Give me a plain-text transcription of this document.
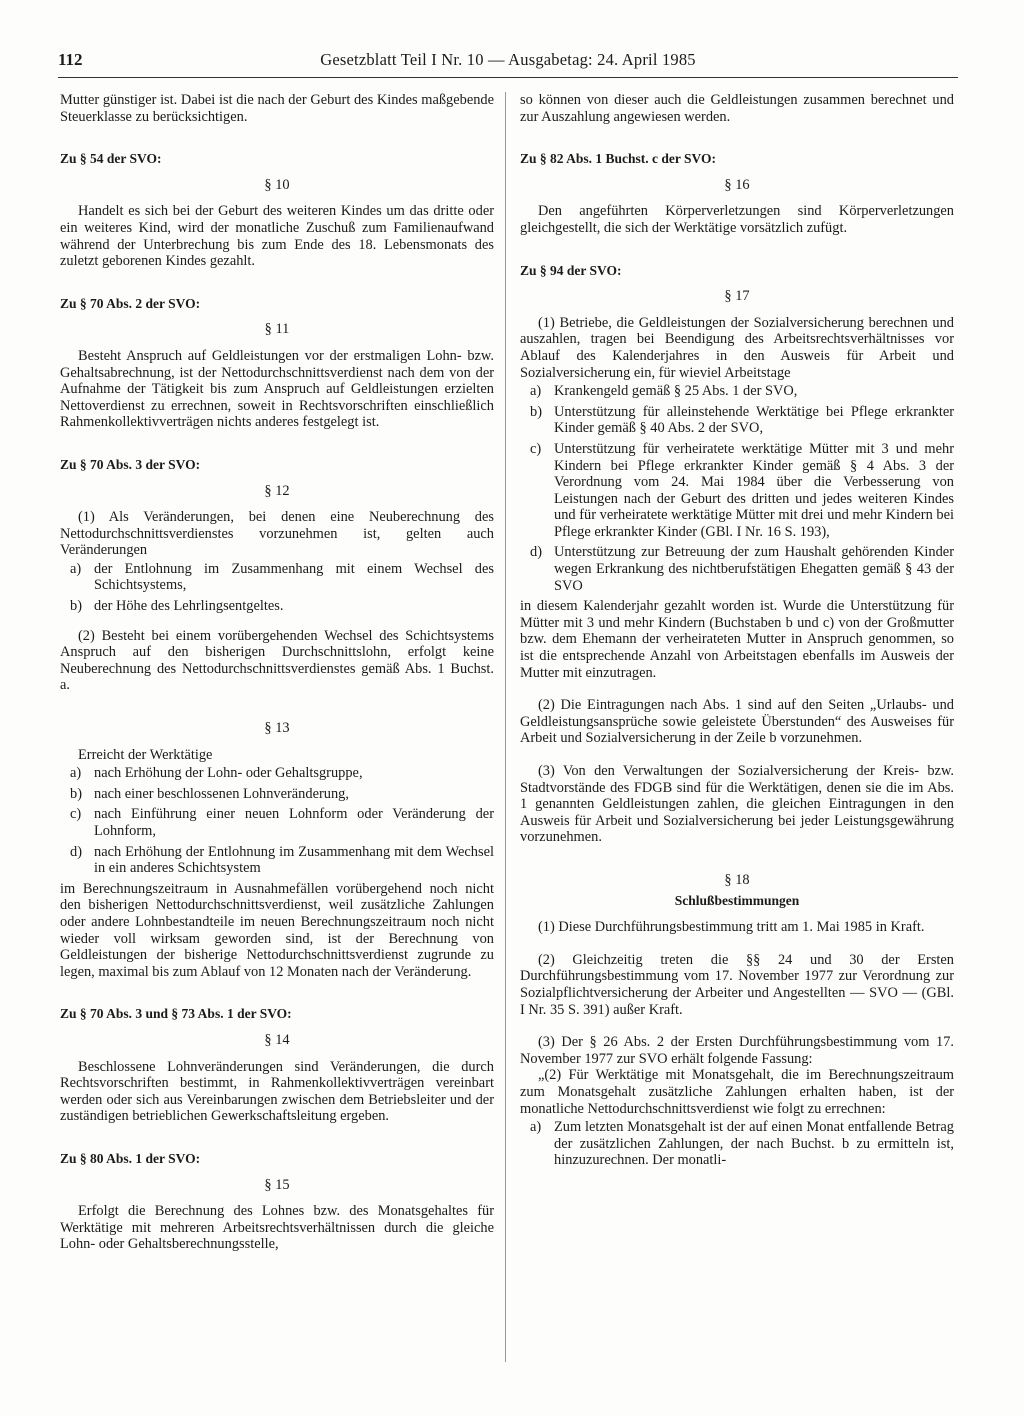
112	Gesetzblatt Teil I Nr. 10 — Ausgabetag: 24. April 1985

Mutter günstiger ist. Dabei ist die nach der Geburt des Kindes maßgebende Steuerklasse zu berücksichtigen.

Zu § 54 der SVO:

§ 10

Handelt es sich bei der Geburt des weiteren Kindes um das dritte oder ein weiteres Kind, wird der monatliche Zuschuß zum Familienaufwand während der Unterbrechung bis zum Ende des 18. Lebensmonats des zuletzt geborenen Kindes gezahlt.

Zu § 70 Abs. 2 der SVO:

§ 11

Besteht Anspruch auf Geldleistungen vor der erstmaligen Lohn- bzw. Gehaltsabrechnung, ist der Nettodurchschnittsverdienst nach dem von der Aufnahme der Tätigkeit bis zum Anspruch auf Geldleistungen erzielten Nettoverdienst zu errechnen, soweit in Rechtsvorschriften einschließlich Rahmenkollektivverträgen nichts anderes festgelegt ist.

Zu § 70 Abs. 3 der SVO:

§ 12

(1) Als Veränderungen, bei denen eine Neuberechnung des Nettodurchschnittsverdienstes vorzunehmen ist, gelten auch Veränderungen

a) der Entlohnung im Zusammenhang mit einem Wechsel des Schichtsystems,
b) der Höhe des Lehrlingsentgeltes.

(2) Besteht bei einem vorübergehenden Wechsel des Schichtsystems Anspruch auf den bisherigen Durchschnittslohn, erfolgt keine Neuberechnung des Nettodurchschnittsverdienstes gemäß Abs. 1 Buchst. a.

§ 13

Erreicht der Werktätige

a) nach Erhöhung der Lohn- oder Gehaltsgruppe,
b) nach einer beschlossenen Lohnveränderung,
c) nach Einführung einer neuen Lohnform oder Veränderung der Lohnform,
d) nach Erhöhung der Entlohnung im Zusammenhang mit dem Wechsel in ein anderes Schichtsystem

im Berechnungszeitraum in Ausnahmefällen vorübergehend noch nicht den bisherigen Nettodurchschnittsverdienst, weil zusätzliche Zahlungen oder andere Lohnbestandteile im neuen Berechnungszeitraum noch nicht wieder voll wirksam geworden sind, ist der Berechnung von Geldleistungen der bisherige Nettodurchschnittsverdienst zugrunde zu legen, maximal bis zum Ablauf von 12 Monaten nach der Veränderung.

Zu § 70 Abs. 3 und § 73 Abs. 1 der SVO:

§ 14

Beschlossene Lohnveränderungen sind Veränderungen, die durch Rechtsvorschriften bestimmt, in Rahmenkollektivverträgen vereinbart werden oder sich aus Vereinbarungen zwischen dem Betriebsleiter und der zuständigen betrieblichen Gewerkschaftsleitung ergeben.

Zu § 80 Abs. 1 der SVO:

§ 15

Erfolgt die Berechnung des Lohnes bzw. des Monatsgehaltes für Werktätige mit mehreren Arbeitsrechtsverhältnissen durch die gleiche Lohn- oder Gehaltsberechnungsstelle,

so können von dieser auch die Geldleistungen zusammen berechnet und zur Auszahlung angewiesen werden.

Zu § 82 Abs. 1 Buchst. c der SVO:

§ 16

Den angeführten Körperverletzungen sind Körperverletzungen gleichgestellt, die sich der Werktätige vorsätzlich zufügt.

Zu § 94 der SVO:

§ 17

(1) Betriebe, die Geldleistungen der Sozialversicherung berechnen und auszahlen, tragen bei Beendigung des Arbeitsrechtsverhältnisses vor Ablauf des Kalenderjahres in den Ausweis für Arbeit und Sozialversicherung ein, für wieviel Arbeitstage

a) Krankengeld gemäß § 25 Abs. 1 der SVO,
b) Unterstützung für alleinstehende Werktätige bei Pflege erkrankter Kinder gemäß § 40 Abs. 2 der SVO,
c) Unterstützung für verheiratete werktätige Mütter mit 3 und mehr Kindern bei Pflege erkrankter Kinder gemäß § 4 Abs. 3 der Verordnung vom 24. Mai 1984 über die Verbesserung von Leistungen nach der Geburt des dritten und jedes weiteren Kindes und für verheiratete werktätige Mütter mit drei und mehr Kindern bei Pflege erkrankter Kinder (GBl. I Nr. 16 S. 193),
d) Unterstützung zur Betreuung der zum Haushalt gehörenden Kinder wegen Erkrankung des nichtberufstätigen Ehegatten gemäß § 43 der SVO

in diesem Kalenderjahr gezahlt worden ist. Wurde die Unterstützung für Mütter mit 3 und mehr Kindern (Buchstaben b und c) von der Großmutter bzw. dem Ehemann der verheirateten Mutter in Anspruch genommen, so ist die entsprechende Anzahl von Arbeitstagen ebenfalls im Ausweis der Mutter mit einzutragen.

(2) Die Eintragungen nach Abs. 1 sind auf den Seiten „Urlaubs- und Geldleistungsansprüche sowie geleistete Überstunden“ des Ausweises für Arbeit und Sozialversicherung in der Zeile b vorzunehmen.

(3) Von den Verwaltungen der Sozialversicherung der Kreis- bzw. Stadtvorstände des FDGB sind für die Werktätigen, denen sie die im Abs. 1 genannten Geldleistungen zahlen, die gleichen Eintragungen in den Ausweis für Arbeit und Sozialversicherung bei jeder Leistungsgewährung vorzunehmen.

§ 18

Schlußbestimmungen

(1) Diese Durchführungsbestimmung tritt am 1. Mai 1985 in Kraft.

(2) Gleichzeitig treten die §§ 24 und 30 der Ersten Durchführungsbestimmung vom 17. November 1977 zur Verordnung zur Sozialpflichtversicherung der Arbeiter und Angestellten — SVO — (GBl. I Nr. 35 S. 391) außer Kraft.

(3) Der § 26 Abs. 2 der Ersten Durchführungsbestimmung vom 17. November 1977 zur SVO erhält folgende Fassung:

„(2) Für Werktätige mit Monatsgehalt, die im Berechnungszeitraum zum Monatsgehalt zusätzliche Zahlungen erhalten haben, ist der monatliche Nettodurchschnittsverdienst wie folgt zu errechnen:

a) Zum letzten Monatsgehalt ist der auf einen Monat entfallende Betrag der zusätzlichen Zahlungen, der nach Buchst. b zu ermitteln ist, hinzuzurechnen. Der monatli-
